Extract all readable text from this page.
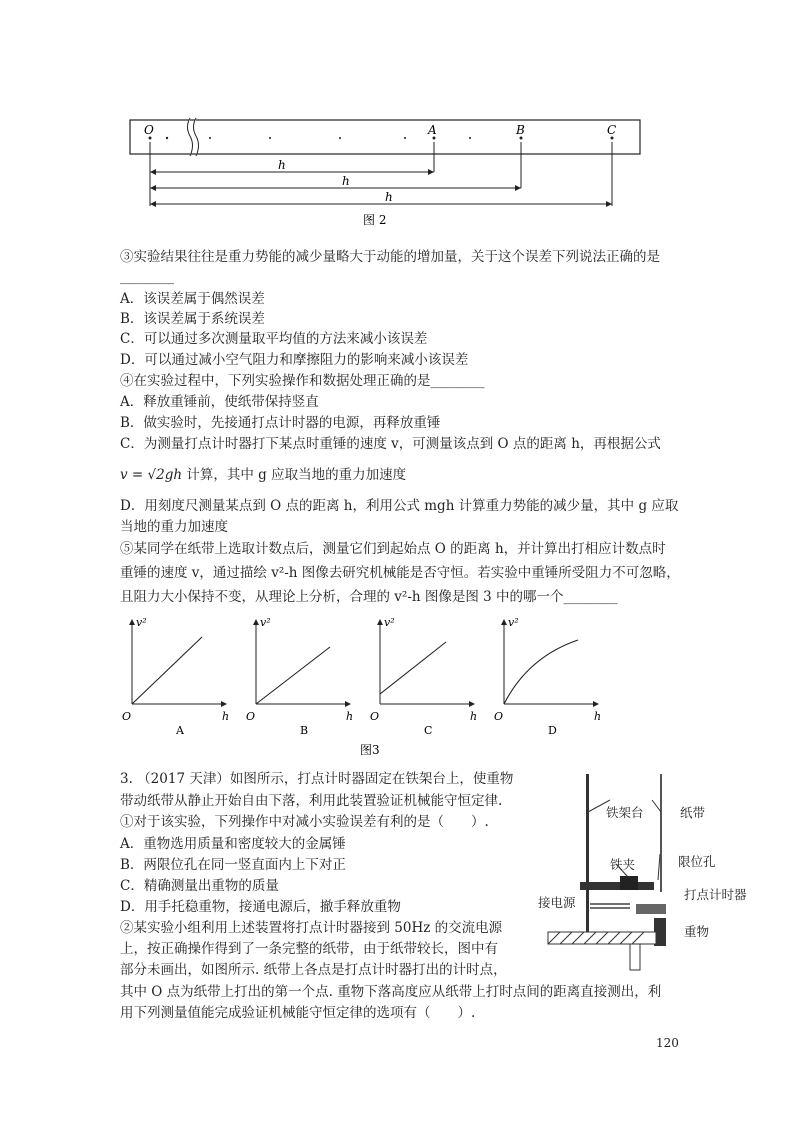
O	A	B	C
h
h
h
图 2
③实验结果往往是重力势能的减少量略大于动能的增加量，关于这个误差下列说法正确的是
________
A．该误差属于偶然误差
B．该误差属于系统误差
C．可以通过多次测量取平均值的方法来减小该误差
D．可以通过减小空气阻力和摩擦阻力的影响来减小该误差
④在实验过程中，下列实验操作和数据处理正确的是________
A．释放重锤前，使纸带保持竖直
B．做实验时，先接通打点计时器的电源，再释放重锤
C．为测量打点计时器打下某点时重锤的速度 v，可测量该点到 O 点的距离 h，再根据公式
v = √2gh 计算，其中 g 应取当地的重力加速度
D．用刻度尺测量某点到 O 点的距离 h，利用公式 mgh 计算重力势能的减少量，其中 g 应取
当地的重力加速度
⑤某同学在纸带上选取计数点后，测量它们到起始点 O 的距离 h，并计算出打相应计数点时
重锤的速度 v，通过描绘 v²-h 图像去研究机械能是否守恒。若实验中重锤所受阻力不可忽略，
且阻力大小保持不变，从理论上分析，合理的 v²-h 图像是图 3 中的哪一个________
v²
h
O
A
v²
h
O
B
v²
h
O
C
v²
h
O
D
图3
3. （2017 天津）如图所示，打点计时器固定在铁架台上，使重物
带动纸带从静止开始自由下落，利用此装置验证机械能守恒定律.
①对于该实验，下列操作中对减小实验误差有利的是（　　）.
A．重物选用质量和密度较大的金属锤
B．两限位孔在同一竖直面内上下对正
C．精确测量出重物的质量
D．用手托稳重物，接通电源后，撤手释放重物
②某实验小组利用上述装置将打点计时器接到 50Hz 的交流电源
上，按正确操作得到了一条完整的纸带，由于纸带较长，图中有
部分未画出，如图所示. 纸带上各点是打点计时器打出的计时点，
其中 O 点为纸带上打出的第一个点. 重物下落高度应从纸带上打时点间的距离直接测出，利
用下列测量值能完成验证机械能守恒定律的选项有（　　）.
铁架台	纸带
铁夹	限位孔
接电源
打点计时器
重物
120
